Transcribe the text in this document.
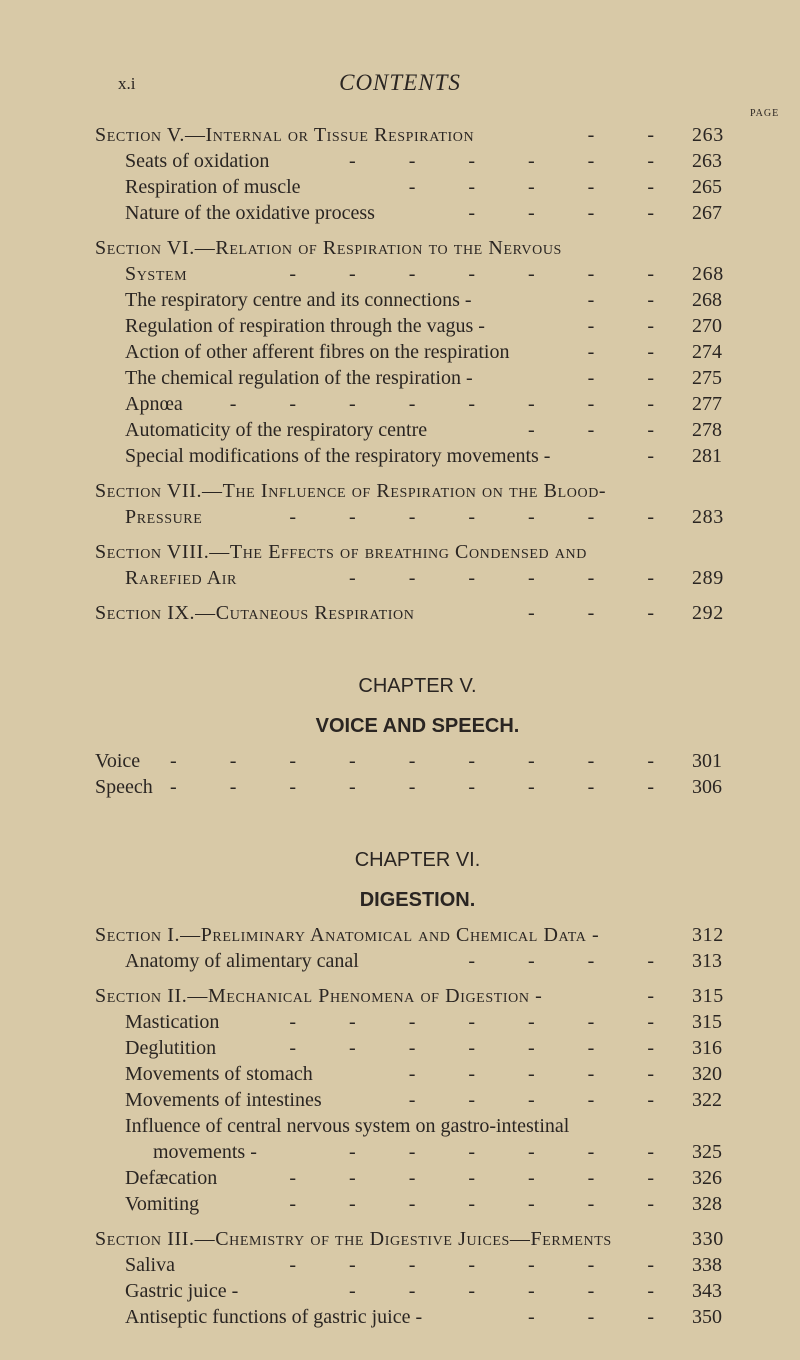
x.i	CONTENTS
PAGE
Section V.—Internal or Tissue Respiration	263
- -
Seats of oxidation	- - - - - - 263
Respiration of muscle	- - - - - 265
Nature of the oxidative process	- - - - 267
Section VI.—Relation of Respiration to the Nervous
System	- - - - - - - 268
The respiratory centre and its connections -	- - 268
Regulation of respiration through the vagus -	- - 270
Action of other afferent fibres on the respiration	- - 274
The chemical regulation of the respiration -	- - 275
Apnœa - - - - - - - - 277
Automaticity of the respiratory centre	- - - 278
Special modifications of the respiratory movements -	- 281
Section VII.—The Influence of Respiration on the Blood-
Pressure	- - - - - - - 283
Section VIII.—The Effects of breathing Condensed and
Rarefied Air	- - - - - - 289
Section IX.—Cutaneous Respiration	- - - 292
CHAPTER V.
VOICE AND SPEECH.
Voice - - - - - - - - - 301
Speech - - - - - - - - - 306
CHAPTER VI.
DIGESTION.
Section I.—Preliminary Anatomical and Chemical Data -	312
Anatomy of alimentary canal	- - - - 313
Section II.—Mechanical Phenomena of Digestion -	- 315
Mastication	- - - - - - - 315
Deglutition	- - - - - - - 316
Movements of stomach	- - - - - 320
Movements of intestines	- - - - - 322
Influence of central nervous system on gastro-intestinal
movements -	- - - - - - 325
Defæcation	- - - - - - - 326
Vomiting	- - - - - - - 328
Section III.—Chemistry of the Digestive Juices—Ferments	330
Saliva	- - - - - - - 338
Gastric juice -	- - - - - - 343
Antiseptic functions of gastric juice -	- - - 350
